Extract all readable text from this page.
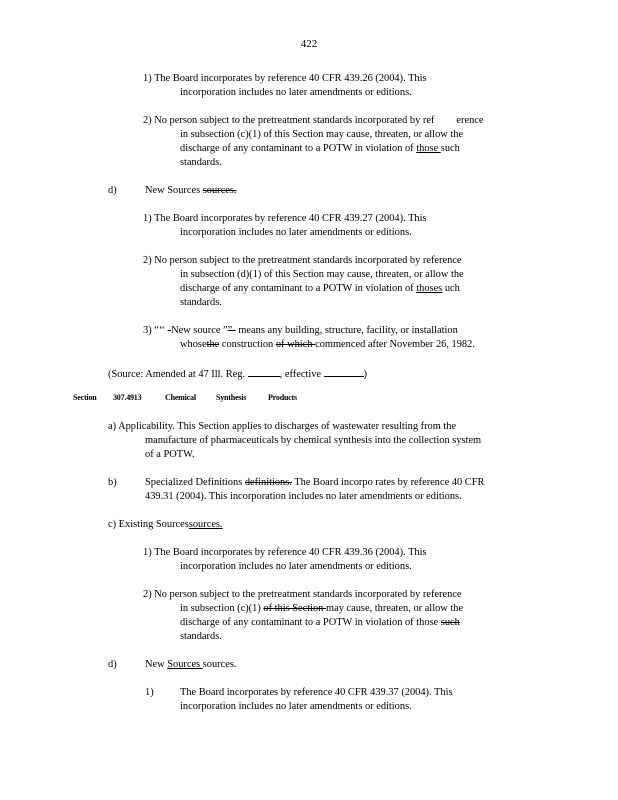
422
1) The Board incorporates by reference 40 CFR 439.26 (2004). This
incorporation includes no later amendments or editions.
2) No person subject to the pretreatment standards incorporated by ref erence
in subsection (c)(1) of this Section may cause, threaten, or allow the
discharge of any contaminant to a POTW in violation of those such
standards.
d)	New Sources sources.
1) The Board incorporates by reference 40 CFR 439.27 (2004). This
incorporation includes no later amendments or editions.
2) No person subject to the pretreatment standards incorporated by reference
in subsection (d)(1) of this Section may cause, threaten, or allow the
discharge of any contaminant to a POTW in violation of thoses uch
standards.
3) “‘‘ -New source ””- means any building, structure, facility, or installation
whosethe construction of which commenced after November 26, 1982.
(Source: Amended at 47 Ill. Reg.	, effective	)
Section 307.4913	Chemical	Synthesis	Products
a) Applicability. This Section applies to discharges of wastewater resulting from the
manufacture of pharmaceuticals by chemical synthesis into the collection system
of a POTW.
b)	Specialized Definitions definitions. The Board incorpo rates by reference 40 CFR
439.31 (2004). This incorporation includes no later amendments or editions.
c) Existing Sourcessources.
1) The Board incorporates by reference 40 CFR 439.36 (2004). This
incorporation includes no later amendments or editions.
2) No person subject to the pretreatment standards incorporated by reference
in subsection (c)(1) of this Section may cause, threaten, or allow the
discharge of any contaminant to a POTW in violation of those such
standards.
d)	New Sources sources.
1)	The Board incorporates by reference 40 CFR 439.37 (2004). This
incorporation includes no later amendments or editions.
